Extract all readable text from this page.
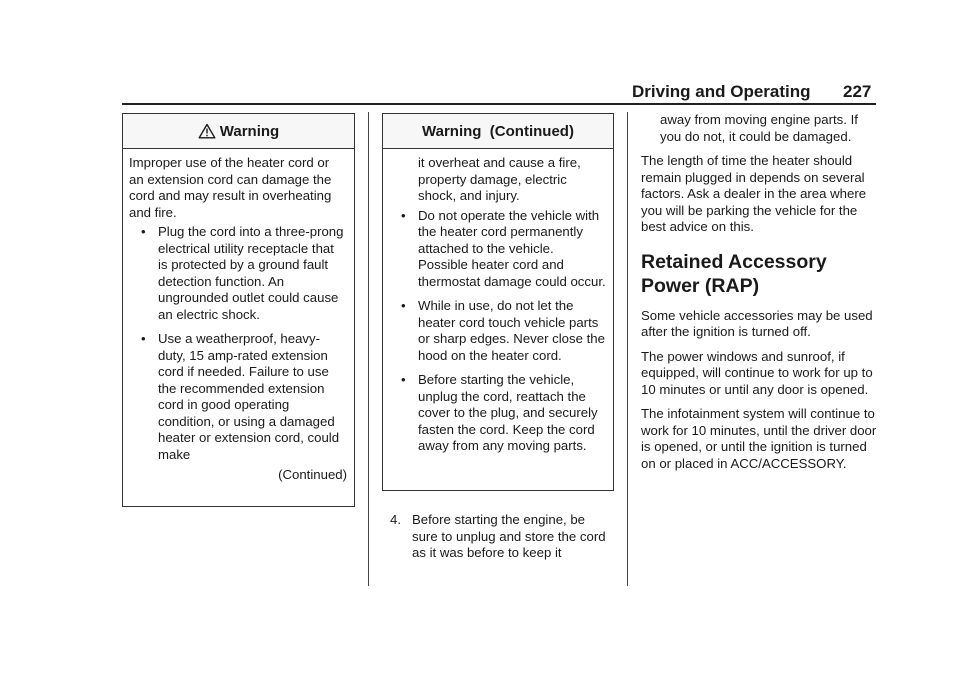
Driving and Operating 227
Warning

Improper use of the heater cord or an extension cord can damage the cord and may result in overheating and fire.

• Plug the cord into a three-prong electrical utility receptacle that is protected by a ground fault detection function. An ungrounded outlet could cause an electric shock.
• Use a weatherproof, heavy-duty, 15 amp-rated extension cord if needed. Failure to use the recommended extension cord in good operating condition, or using a damaged heater or extension cord, could make
(Continued)
Warning  (Continued)

it overheat and cause a fire, property damage, electric shock, and injury.

• Do not operate the vehicle with the heater cord permanently attached to the vehicle. Possible heater cord and thermostat damage could occur.
• While in use, do not let the heater cord touch vehicle parts or sharp edges. Never close the hood on the heater cord.
• Before starting the vehicle, unplug the cord, reattach the cover to the plug, and securely fasten the cord. Keep the cord away from any moving parts.
4. Before starting the engine, be sure to unplug and store the cord as it was before to keep it

away from moving engine parts. If you do not, it could be damaged.

The length of time the heater should remain plugged in depends on several factors. Ask a dealer in the area where you will be parking the vehicle for the best advice on this.

Retained Accessory Power (RAP)

Some vehicle accessories may be used after the ignition is turned off.

The power windows and sunroof, if equipped, will continue to work for up to 10 minutes or until any door is opened.

The infotainment system will continue to work for 10 minutes, until the driver door is opened, or until the ignition is turned on or placed in ACC/ACCESSORY.
